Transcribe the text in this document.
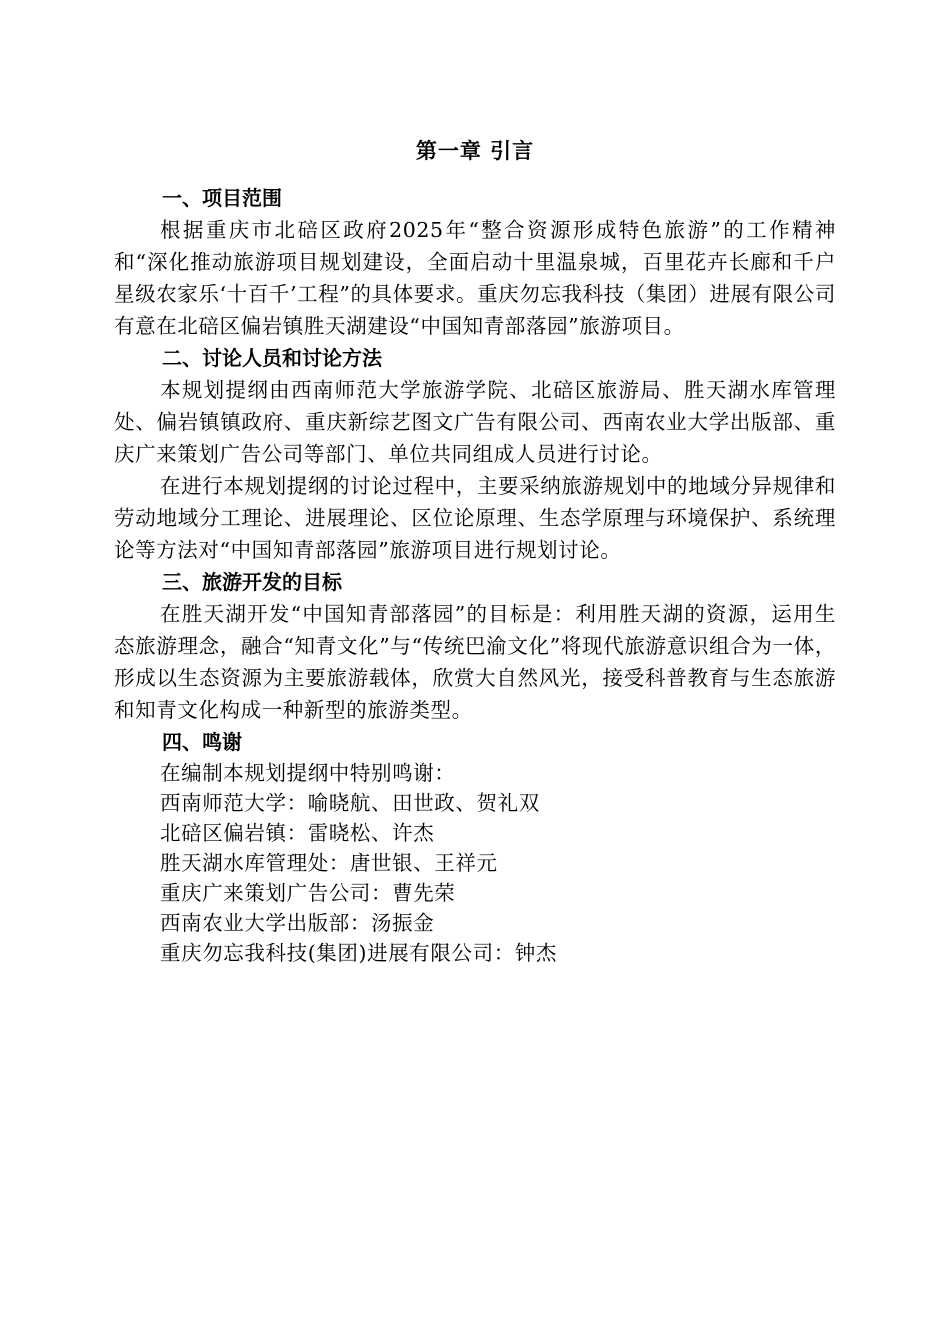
第一章 引言

一、项目范围

根据重庆市北碚区政府2025年“整合资源形成特色旅游”的工作精神和“深化推动旅游项目规划建设，全面启动十里温泉城，百里花卉长廊和千户星级农家乐‘十百千’工程”的具体要求。重庆勿忘我科技（集团）进展有限公司有意在北碚区偏岩镇胜天湖建设“中国知青部落园”旅游项目。

二、讨论人员和讨论方法

本规划提纲由西南师范大学旅游学院、北碚区旅游局、胜天湖水库管理处、偏岩镇镇政府、重庆新综艺图文广告有限公司、西南农业大学出版部、重庆广来策划广告公司等部门、单位共同组成人员进行讨论。

在进行本规划提纲的讨论过程中，主要采纳旅游规划中的地域分异规律和劳动地域分工理论、进展理论、区位论原理、生态学原理与环境保护、系统理论等方法对“中国知青部落园”旅游项目进行规划讨论。

三、旅游开发的目标

在胜天湖开发“中国知青部落园”的目标是：利用胜天湖的资源，运用生态旅游理念，融合“知青文化”与“传统巴渝文化”将现代旅游意识组合为一体，形成以生态资源为主要旅游载体，欣赏大自然风光，接受科普教育与生态旅游和知青文化构成一种新型的旅游类型。

四、鸣谢

在编制本规划提纲中特别鸣谢：

西南师范大学：喻晓航、田世政、贺礼双

北碚区偏岩镇：雷晓松、许杰

胜天湖水库管理处：唐世银、王祥元

重庆广来策划广告公司：曹先荣

西南农业大学出版部：汤振金

重庆勿忘我科技(集团)进展有限公司：钟杰
